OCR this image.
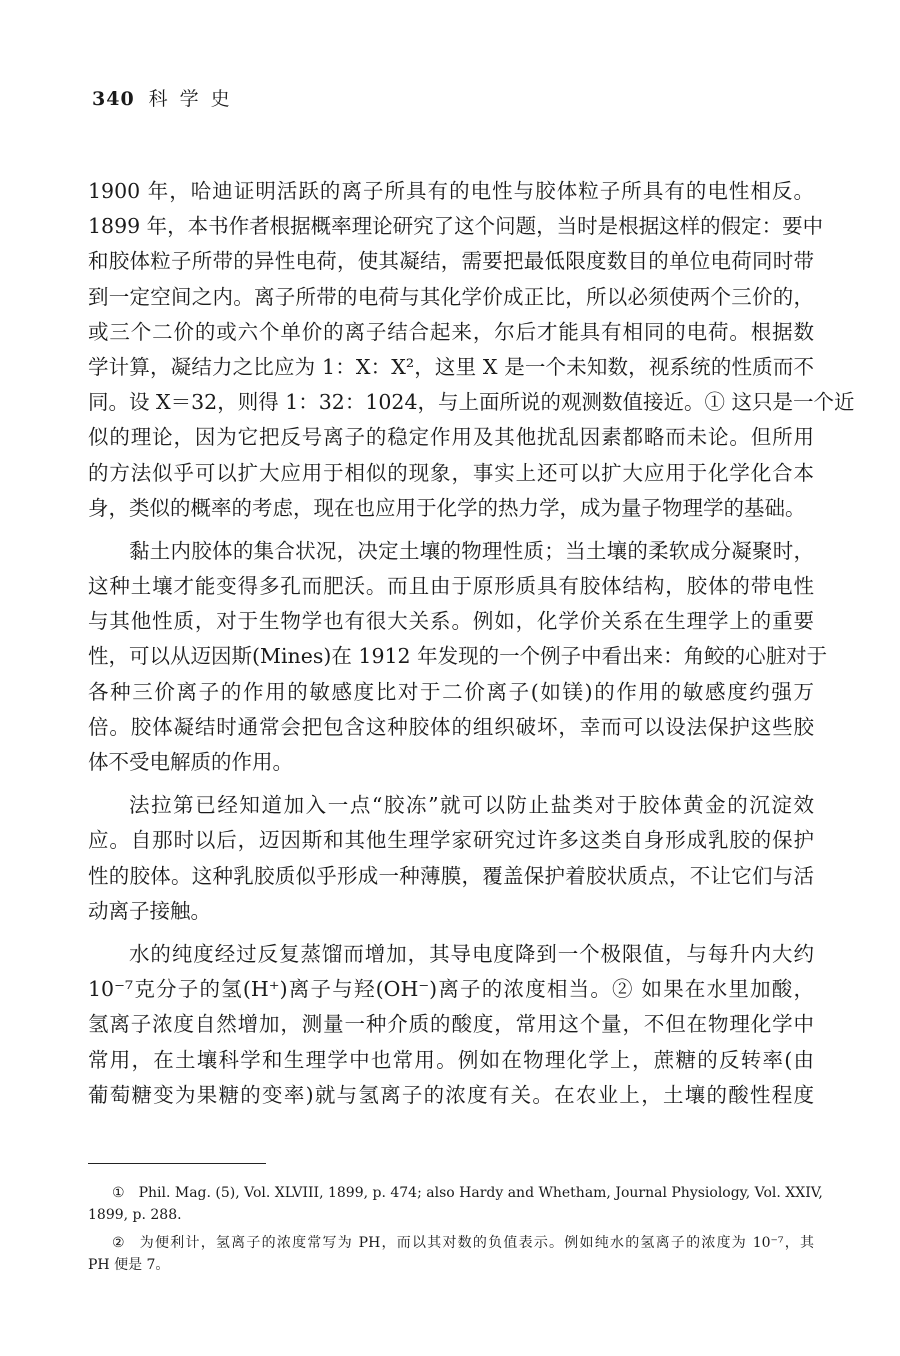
340 科学史
1900 年，哈迪证明活跃的离子所具有的电性与胶体粒子所具有的电性相反。
1899 年，本书作者根据概率理论研究了这个问题，当时是根据这样的假定：要中
和胶体粒子所带的异性电荷，使其凝结，需要把最低限度数目的单位电荷同时带
到一定空间之内。离子所带的电荷与其化学价成正比，所以必须使两个三价的，
或三个二价的或六个单价的离子结合起来，尔后才能具有相同的电荷。根据数
学计算，凝结力之比应为 1：X：X²，这里 X 是一个未知数，视系统的性质而不
同。设 X＝32，则得 1：32：1024，与上面所说的观测数值接近。① 这只是一个近
似的理论，因为它把反号离子的稳定作用及其他扰乱因素都略而未论。但所用
的方法似乎可以扩大应用于相似的现象，事实上还可以扩大应用于化学化合本
身，类似的概率的考虑，现在也应用于化学的热力学，成为量子物理学的基础。
黏土内胶体的集合状况，决定土壤的物理性质；当土壤的柔软成分凝聚时，
这种土壤才能变得多孔而肥沃。而且由于原形质具有胶体结构，胶体的带电性
与其他性质，对于生物学也有很大关系。例如，化学价关系在生理学上的重要
性，可以从迈因斯(Mines)在 1912 年发现的一个例子中看出来：角鲛的心脏对于
各种三价离子的作用的敏感度比对于二价离子(如镁)的作用的敏感度约强万
倍。胶体凝结时通常会把包含这种胶体的组织破坏，幸而可以设法保护这些胶
体不受电解质的作用。
法拉第已经知道加入一点“胶冻”就可以防止盐类对于胶体黄金的沉淀效
应。自那时以后，迈因斯和其他生理学家研究过许多这类自身形成乳胶的保护
性的胶体。这种乳胶质似乎形成一种薄膜，覆盖保护着胶状质点，不让它们与活
动离子接触。
水的纯度经过反复蒸馏而增加，其导电度降到一个极限值，与每升内大约
10⁻⁷克分子的氢(H⁺)离子与羟(OH⁻)离子的浓度相当。② 如果在水里加酸，
氢离子浓度自然增加，测量一种介质的酸度，常用这个量，不但在物理化学中
常用，在土壤科学和生理学中也常用。例如在物理化学上，蔗糖的反转率(由
葡萄糖变为果糖的变率)就与氢离子的浓度有关。在农业上，土壤的酸性程度
① Phil. Mag. (5), Vol. XLVIII, 1899, p. 474; also Hardy and Whetham, Journal Physiology, Vol. XXIV,
1899, p. 288.
② 为便利计，氢离子的浓度常写为 PH，而以其对数的负值表示。例如纯水的氢离子的浓度为 10⁻⁷，其
PH 便是 7。
